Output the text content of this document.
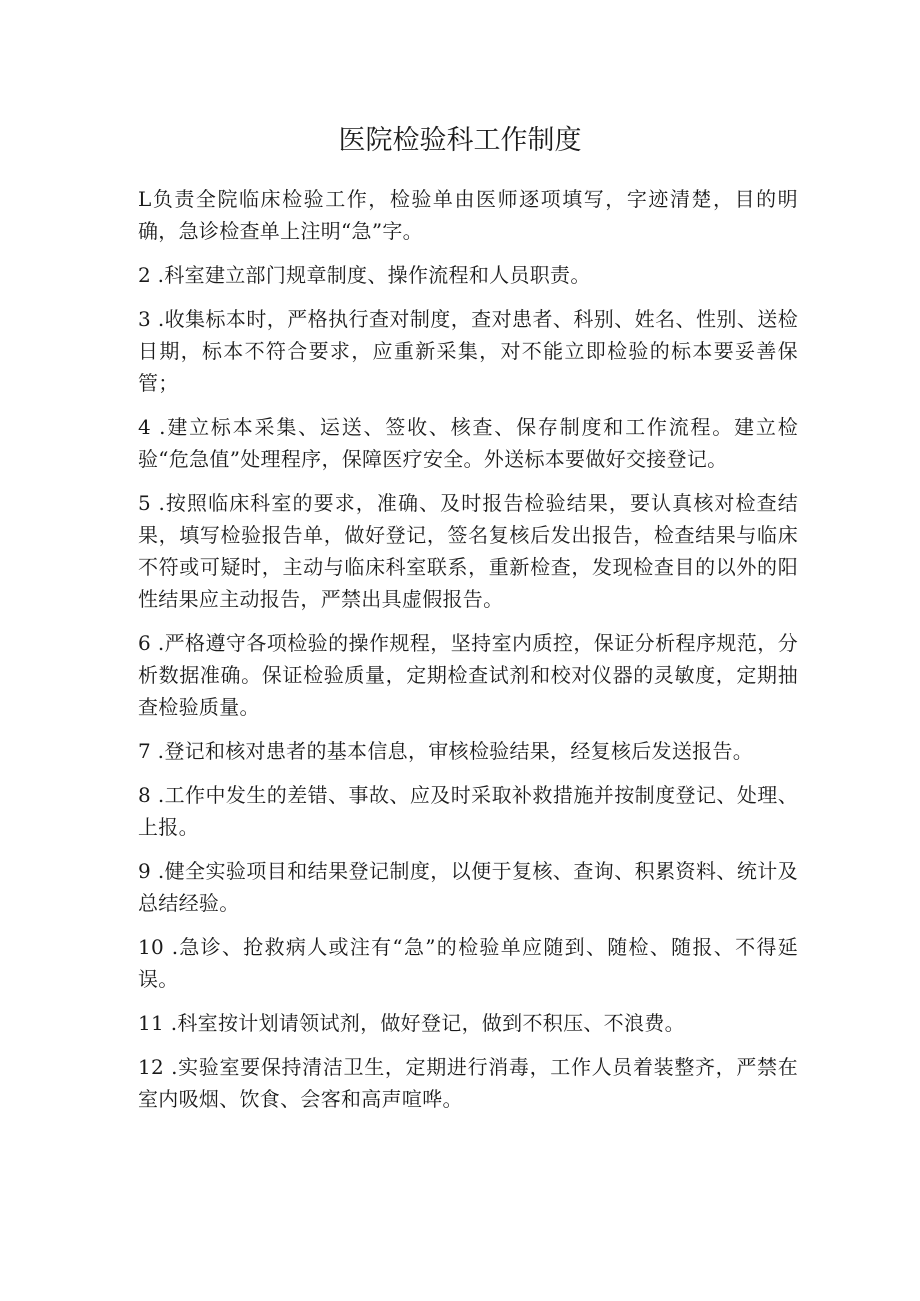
医院检验科工作制度

L负责全院临床检验工作，检验单由医师逐项填写，字迹清楚，目的明确，急诊检查单上注明“急”字。

2 .科室建立部门规章制度、操作流程和人员职责。

3 .收集标本时，严格执行查对制度，查对患者、科别、姓名、性别、送检日期，标本不符合要求，应重新采集，对不能立即检验的标本要妥善保管；

4 .建立标本采集、运送、签收、核查、保存制度和工作流程。建立检验“危急值”处理程序，保障医疗安全。外送标本要做好交接登记。

5 .按照临床科室的要求，准确、及时报告检验结果，要认真核对检查结果，填写检验报告单，做好登记，签名复核后发出报告，检查结果与临床不符或可疑时，主动与临床科室联系，重新检查，发现检查目的以外的阳性结果应主动报告，严禁出具虚假报告。

6 .严格遵守各项检验的操作规程，坚持室内质控，保证分析程序规范，分析数据准确。保证检验质量，定期检查试剂和校对仪器的灵敏度，定期抽查检验质量。

7 .登记和核对患者的基本信息，审核检验结果，经复核后发送报告。

8 .工作中发生的差错、事故、应及时采取补救措施并按制度登记、处理、上报。

9 .健全实验项目和结果登记制度，以便于复核、查询、积累资料、统计及总结经验。

10 .急诊、抢救病人或注有“急”的检验单应随到、随检、随报、不得延误。

11 .科室按计划请领试剂，做好登记，做到不积压、不浪费。

12 .实验室要保持清洁卫生，定期进行消毒，工作人员着装整齐，严禁在室内吸烟、饮食、会客和高声喧哗。
